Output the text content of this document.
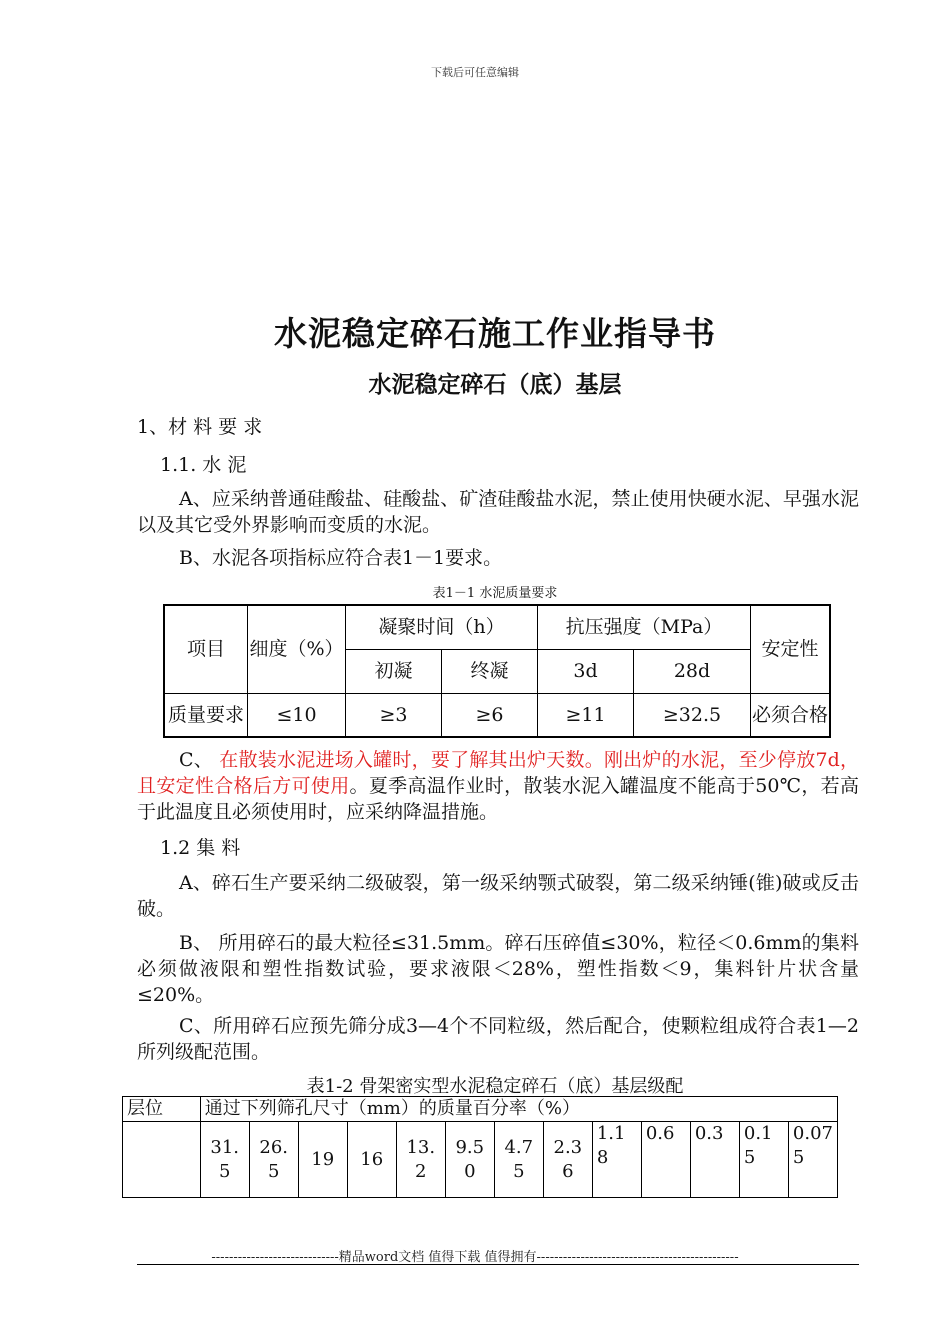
下载后可任意编辑
水泥稳定碎石施工作业指导书
水泥稳定碎石（底）基层
1、材 料 要 求
1.1. 水 泥
A、应采纳普通硅酸盐、硅酸盐、矿渣硅酸盐水泥，禁止使用快硬水泥、早强水泥以及其它受外界影响而变质的水泥。
B、水泥各项指标应符合表1－1要求。
表1－1 水泥质量要求
项目	细度（%）	凝聚时间（h）		抗压强度（MPa）		安定性
		初凝	终凝	3d	28d	
质量要求	≤10	≥3	≥6	≥11	≥32.5	必须合格
C、 在散装水泥进场入罐时，要了解其出炉天数。刚出炉的水泥，至少停放7d，且安定性合格后方可使用。夏季高温作业时，散装水泥入罐温度不能高于50℃，若高于此温度且必须使用时，应采纳降温措施。
1.2 集 料
A、碎石生产要采纳二级破裂，第一级采纳颚式破裂，第二级采纳锤(锥)破或反击破。
B、 所用碎石的最大粒径≤31.5mm。碎石压碎值≤30%，粒径＜0.6mm的集料必须做液限和塑性指数试验，要求液限＜28%，塑性指数＜9，集料针片状含量≤20%。
C、所用碎石应预先筛分成3—4个不同粒级，然后配合，使颗粒组成符合表1—2所列级配范围。
表1-2 骨架密实型水泥稳定碎石（底）基层级配
层位	通过下列筛孔尺寸（mm）的质量百分率（%）												
	31.5	26.5	19	16	13.2	9.50	4.75	2.36	1.18	0.6	0.3	0.15	0.075
-----------------------------精品word文档 值得下载 值得拥有----------------------------------------------
